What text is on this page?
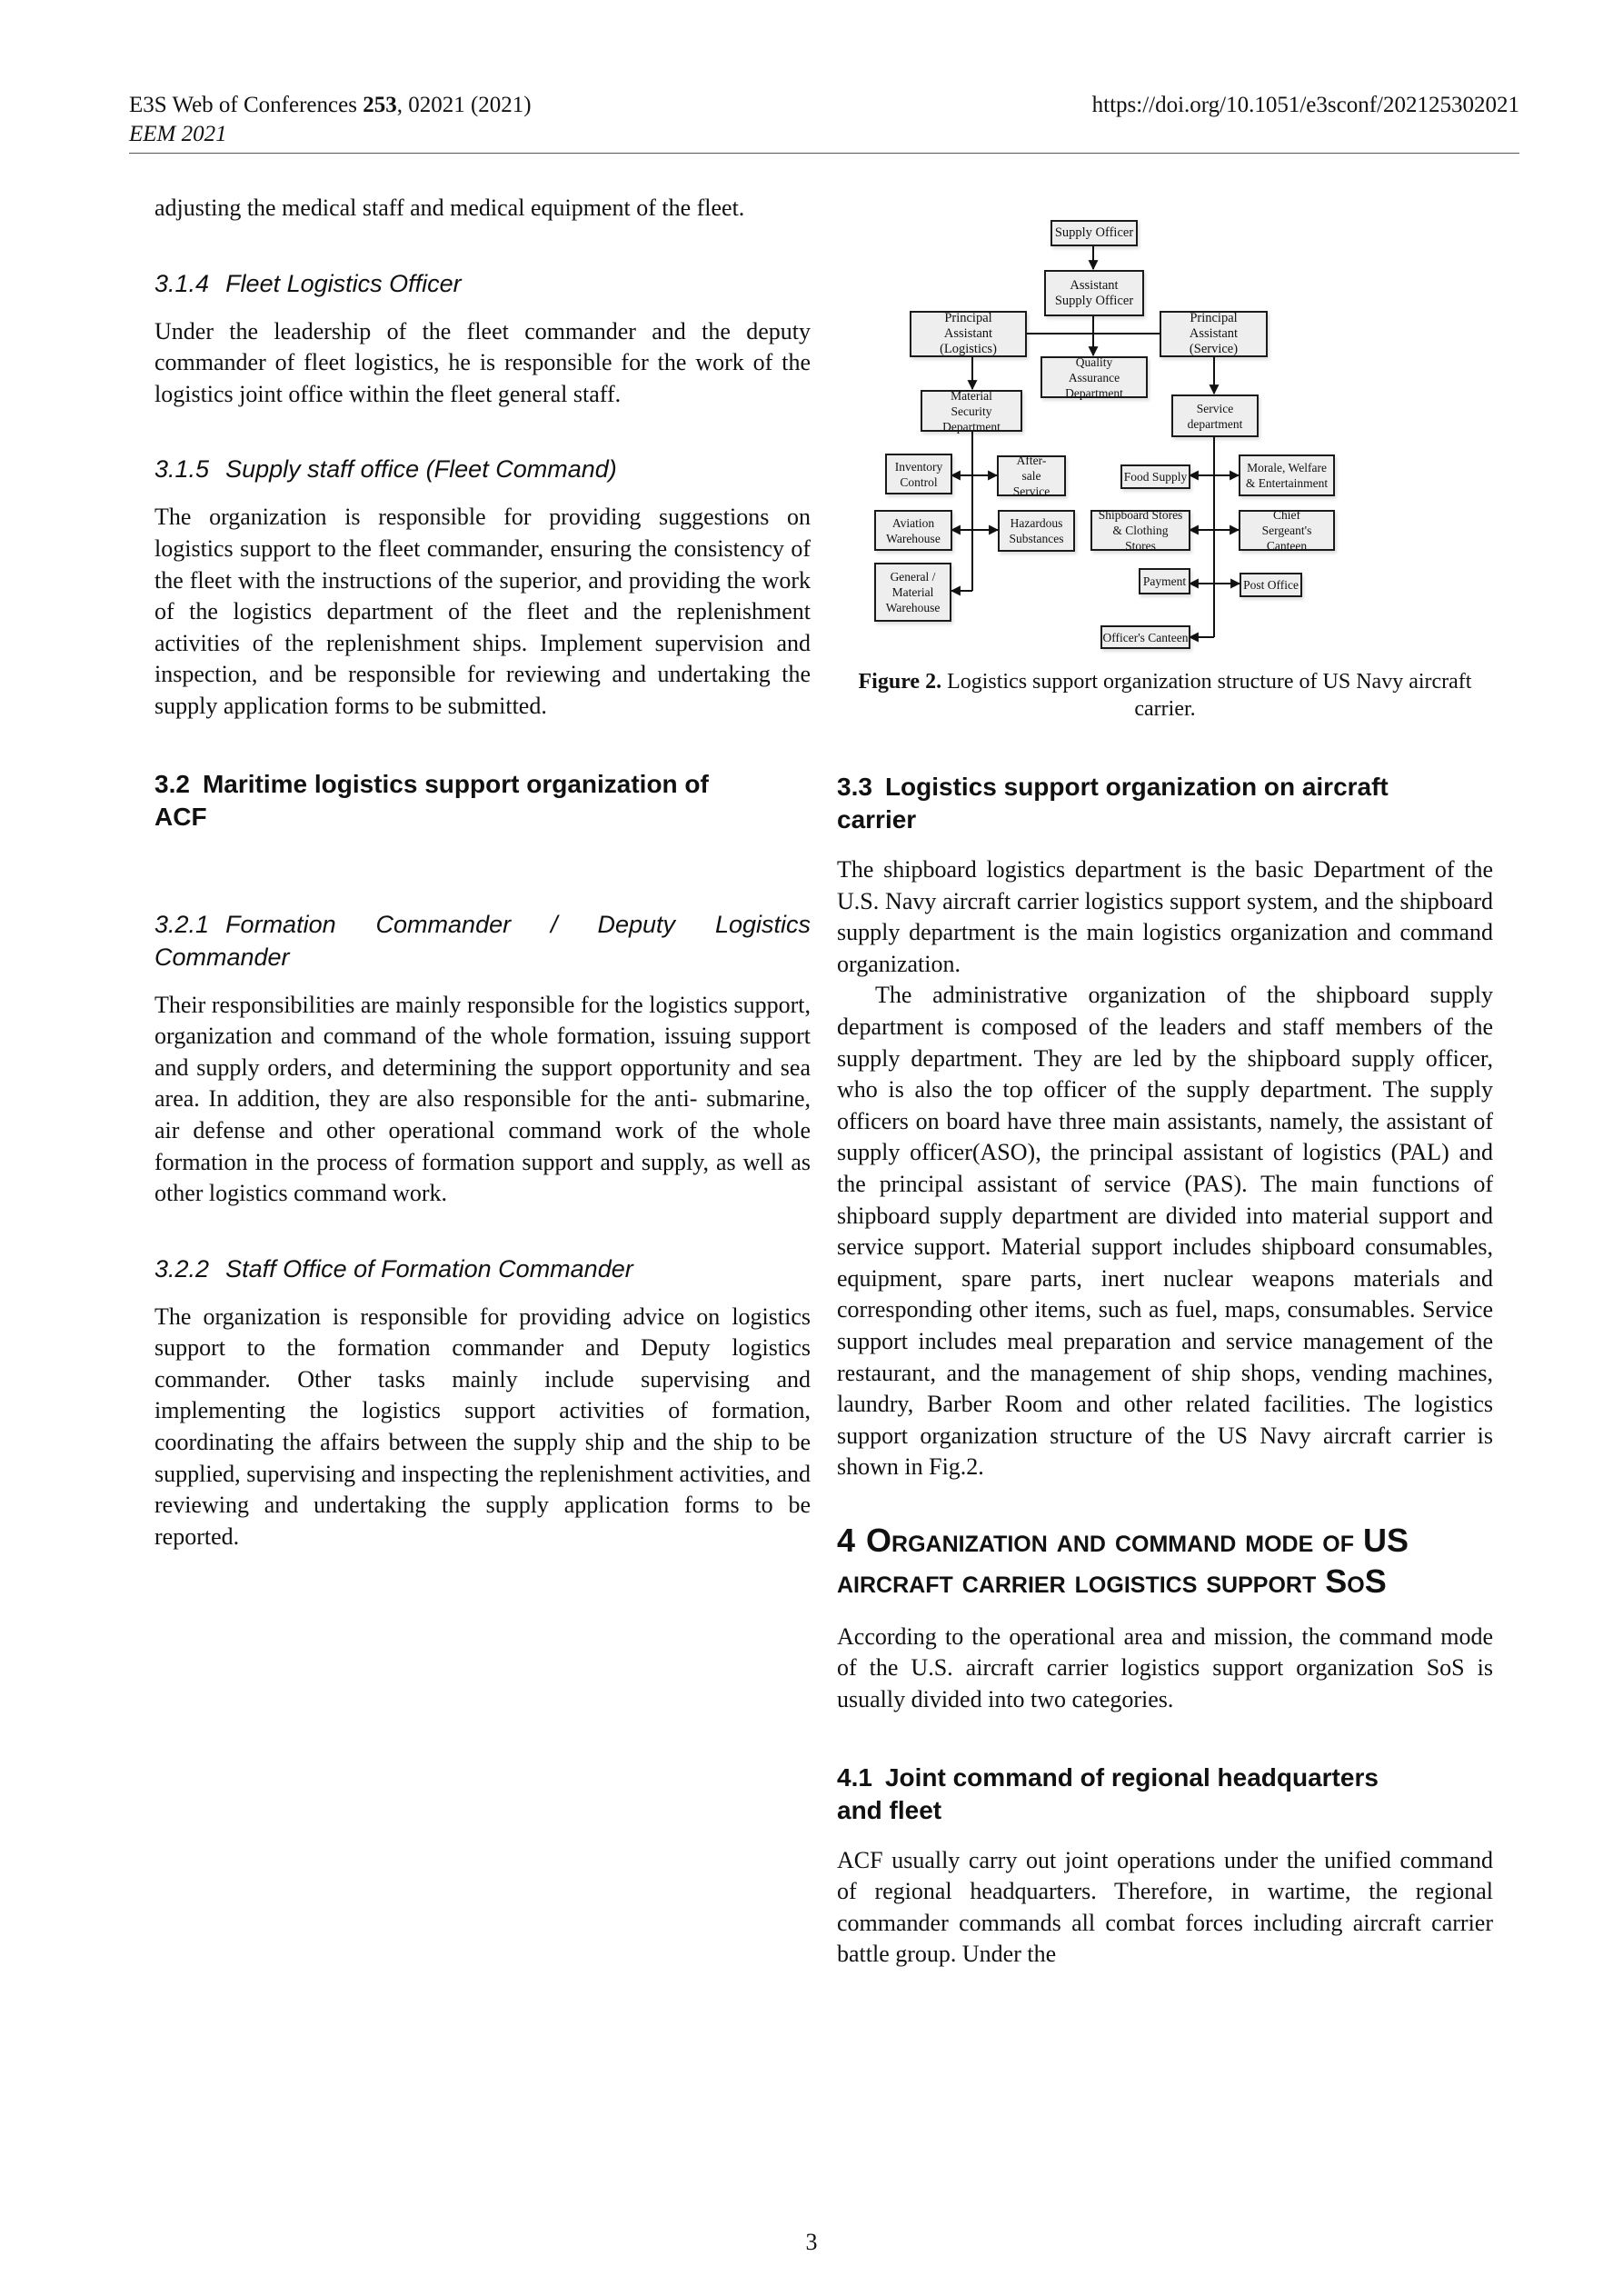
E3S Web of Conferences 253, 02021 (2021)	https://doi.org/10.1051/e3sconf/202125302021
EEM 2021

adjusting the medical staff and medical equipment of the fleet.

3.1.4 Fleet Logistics Officer

Under the leadership of the fleet commander and the deputy commander of fleet logistics, he is responsible for the work of the logistics joint office within the fleet general staff.

3.1.5 Supply staff office (Fleet Command)

The organization is responsible for providing suggestions on logistics support to the fleet commander, ensuring the consistency of the fleet with the instructions of the superior, and providing the work of the logistics department of the fleet and the replenishment activities of the replenishment ships. Implement supervision and inspection, and be responsible for reviewing and undertaking the supply application forms to be submitted.

3.2 Maritime logistics support organization of
ACF
3.2.1 Formation Commander / Deputy Logistics
Commander

Their responsibilities are mainly responsible for the logistics support, organization and command of the whole formation, issuing support and supply orders, and determining the support opportunity and sea area. In addition, they are also responsible for the anti- submarine, air defense and other operational command work of the whole formation in the process of formation support and supply, as well as other logistics command work.

3.2.2 Staff Office of Formation Commander

The organization is responsible for providing advice on logistics support to the formation commander and Deputy logistics commander. Other tasks mainly include supervising and implementing the logistics support activities of formation, coordinating the affairs between the supply ship and the ship to be supplied, supervising and inspecting the replenishment activities, and reviewing and undertaking the supply application forms to be reported.

Supply Officer
Assistant Supply Officer
Principal Assistant (Logistics)
Principal Assistant (Service)
Quality Assurance Department
Material Security Department
Service department
Inventory Control
After-sale Service
Aviation Warehouse
Hazardous Substances
General / Material Warehouse
Food Supply
Morale, Welfare & Entertainment
Shipboard Stores & Clothing Stores
Chief Sergeant's Canteen
Payment	Post Office
Officer's Canteen
Figure 2. Logistics support organization structure of US Navy aircraft carrier.
3.3 Logistics support organization on aircraft
carrier

The shipboard logistics department is the basic Department of the U.S. Navy aircraft carrier logistics support system, and the shipboard supply department is the main logistics organization and command organization.

The administrative organization of the shipboard supply department is composed of the leaders and staff members of the supply department. They are led by the shipboard supply officer, who is also the top officer of the supply department. The supply officers on board have three main assistants, namely, the assistant of supply officer(ASO), the principal assistant of logistics (PAL) and the principal assistant of service (PAS). The main functions of shipboard supply department are divided into material support and service support. Material support includes shipboard consumables, equipment, spare parts, inert nuclear weapons materials and corresponding other items, such as fuel, maps, consumables. Service support includes meal preparation and service management of the restaurant, and the management of ship shops, vending machines, laundry, Barber Room and other related facilities. The logistics support organization structure of the US Navy aircraft carrier is shown in Fig.2.

4 Organization and command mode of US
aircraft carrier logistics support SoS

According to the operational area and mission, the command mode of the U.S. aircraft carrier logistics support organization SoS is usually divided into two categories.

4.1 Joint command of regional headquarters
and fleet

ACF usually carry out joint operations under the unified command of regional headquarters. Therefore, in wartime, the regional commander commands all combat forces including aircraft carrier battle group. Under the

3
